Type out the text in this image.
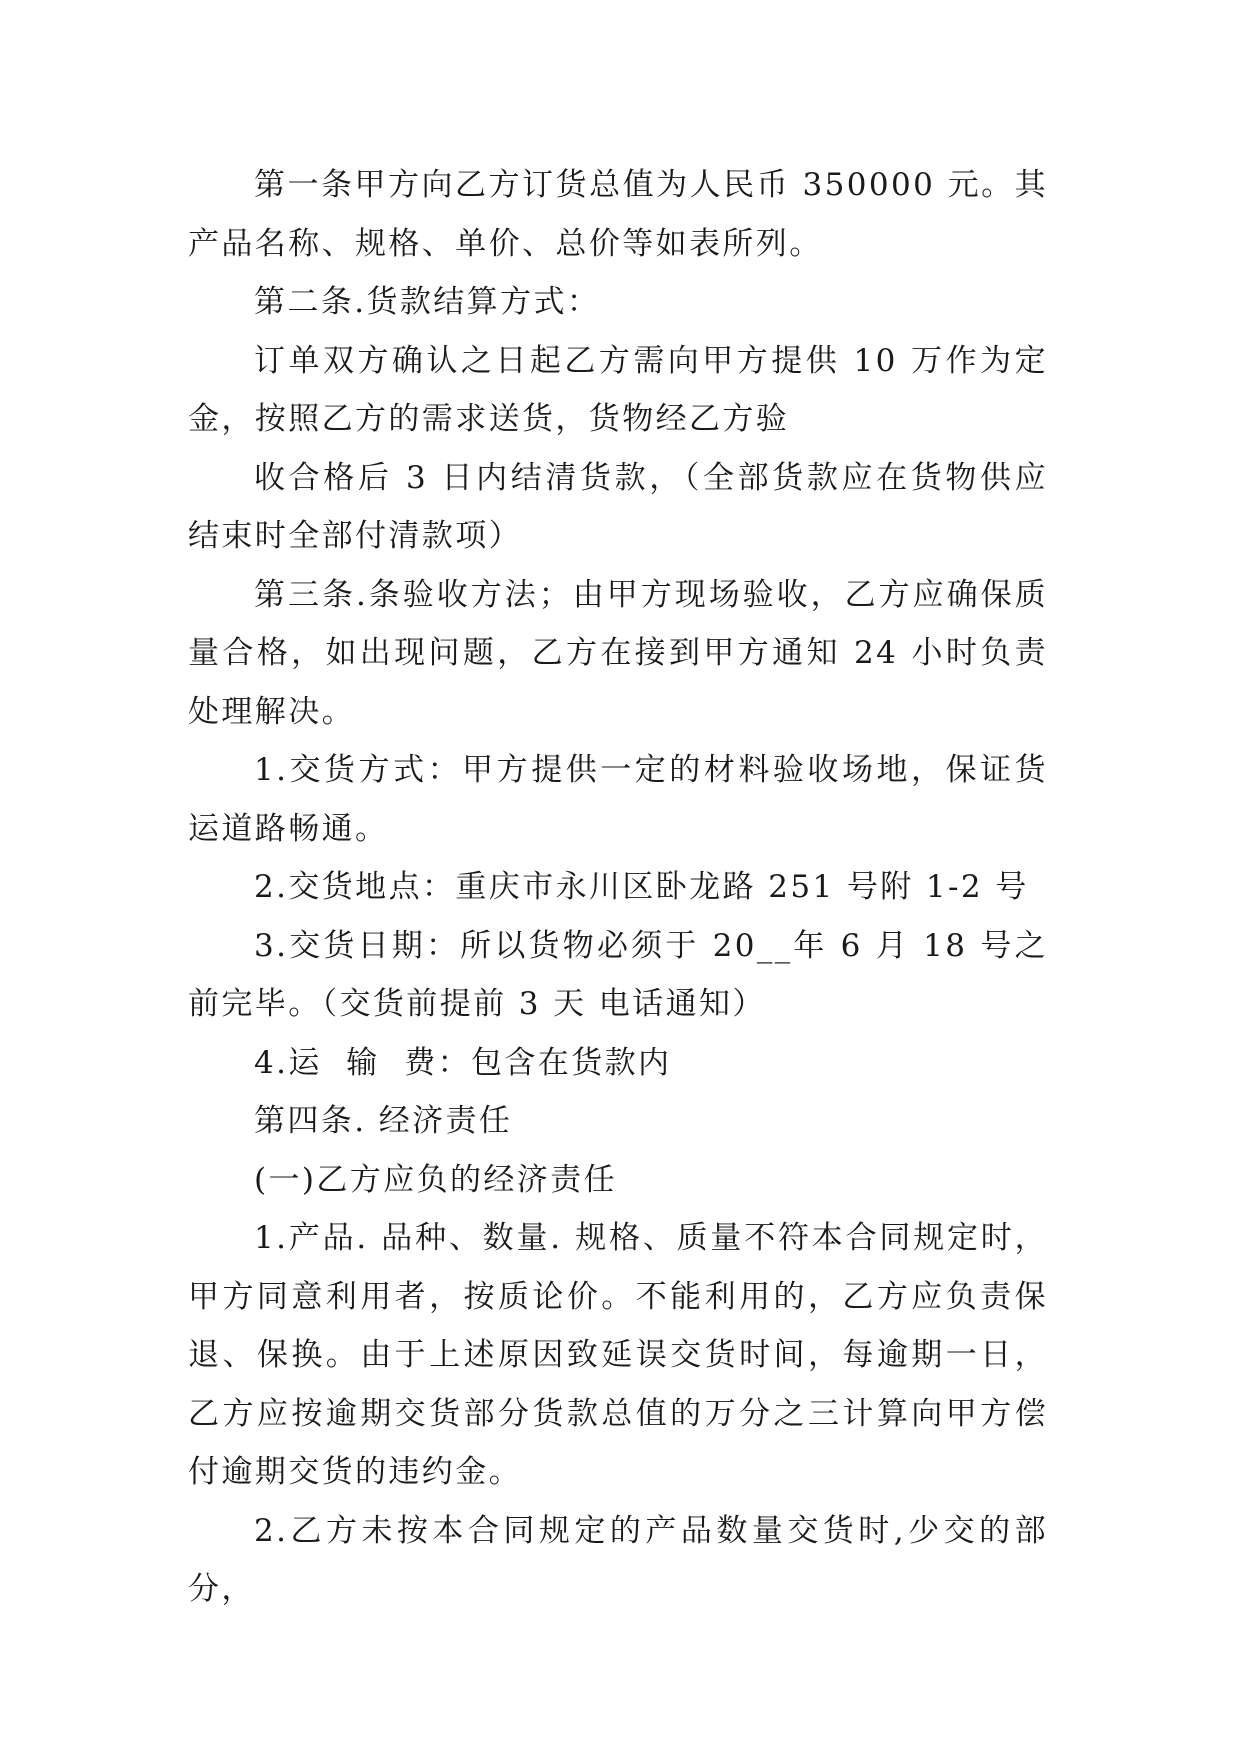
第一条甲方向乙方订货总值为人民币 350000 元。其产品名称、规格、单价、总价等如表所列。

第二条.货款结算方式：

订单双方确认之日起乙方需向甲方提供 10 万作为定金，按照乙方的需求送货，货物经乙方验

收合格后 3 日内结清货款，（全部货款应在货物供应结束时全部付清款项）

第三条.条验收方法；由甲方现场验收，乙方应确保质量合格，如出现问题，乙方在接到甲方通知 24 小时负责处理解决。

1.交货方式：甲方提供一定的材料验收场地，保证货运道路畅通。

2.交货地点：重庆市永川区卧龙路 251 号附 1-2 号

3.交货日期：所以货物必须于 20__年 6 月 18 号之前完毕。（交货前提前 3 天 电话通知）

4.运  输  费：包含在货款内

第四条. 经济责任

(一)乙方应负的经济责任

1.产品. 品种、数量. 规格、质量不符本合同规定时，甲方同意利用者，按质论价。不能利用的，乙方应负责保退、保换。由于上述原因致延误交货时间，每逾期一日，乙方应按逾期交货部分货款总值的万分之三计算向甲方偿付逾期交货的违约金。

2.乙方未按本合同规定的产品数量交货时,少交的部分，
